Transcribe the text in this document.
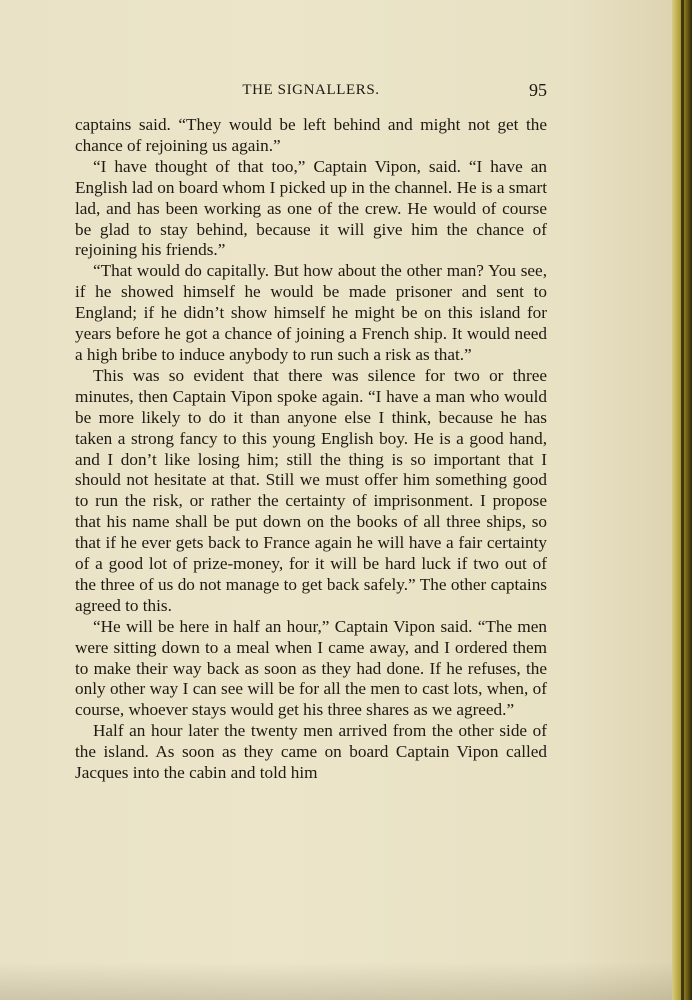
THE SIGNALLERS.	95

captains said. “They would be left behind and might not get the chance of rejoining us again.”

“I have thought of that too,” Captain Vipon, said. “I have an English lad on board whom I picked up in the channel. He is a smart lad, and has been working as one of the crew. He would of course be glad to stay behind, because it will give him the chance of rejoining his friends.”

“That would do capitally. But how about the other man? You see, if he showed himself he would be made prisoner and sent to England; if he didn’t show himself he might be on this island for years before he got a chance of joining a French ship. It would need a high bribe to induce anybody to run such a risk as that.”

This was so evident that there was silence for two or three minutes, then Captain Vipon spoke again. “I have a man who would be more likely to do it than anyone else I think, because he has taken a strong fancy to this young English boy. He is a good hand, and I don’t like losing him; still the thing is so important that I should not hesitate at that. Still we must offer him something good to run the risk, or rather the certainty of imprisonment. I propose that his name shall be put down on the books of all three ships, so that if he ever gets back to France again he will have a fair certainty of a good lot of prize-money, for it will be hard luck if two out of the three of us do not manage to get back safely.” The other captains agreed to this.

“He will be here in half an hour,” Captain Vipon said. “The men were sitting down to a meal when I came away, and I ordered them to make their way back as soon as they had done. If he refuses, the only other way I can see will be for all the men to cast lots, when, of course, whoever stays would get his three shares as we agreed.”

Half an hour later the twenty men arrived from the other side of the island. As soon as they came on board Captain Vipon called Jacques into the cabin and told him
